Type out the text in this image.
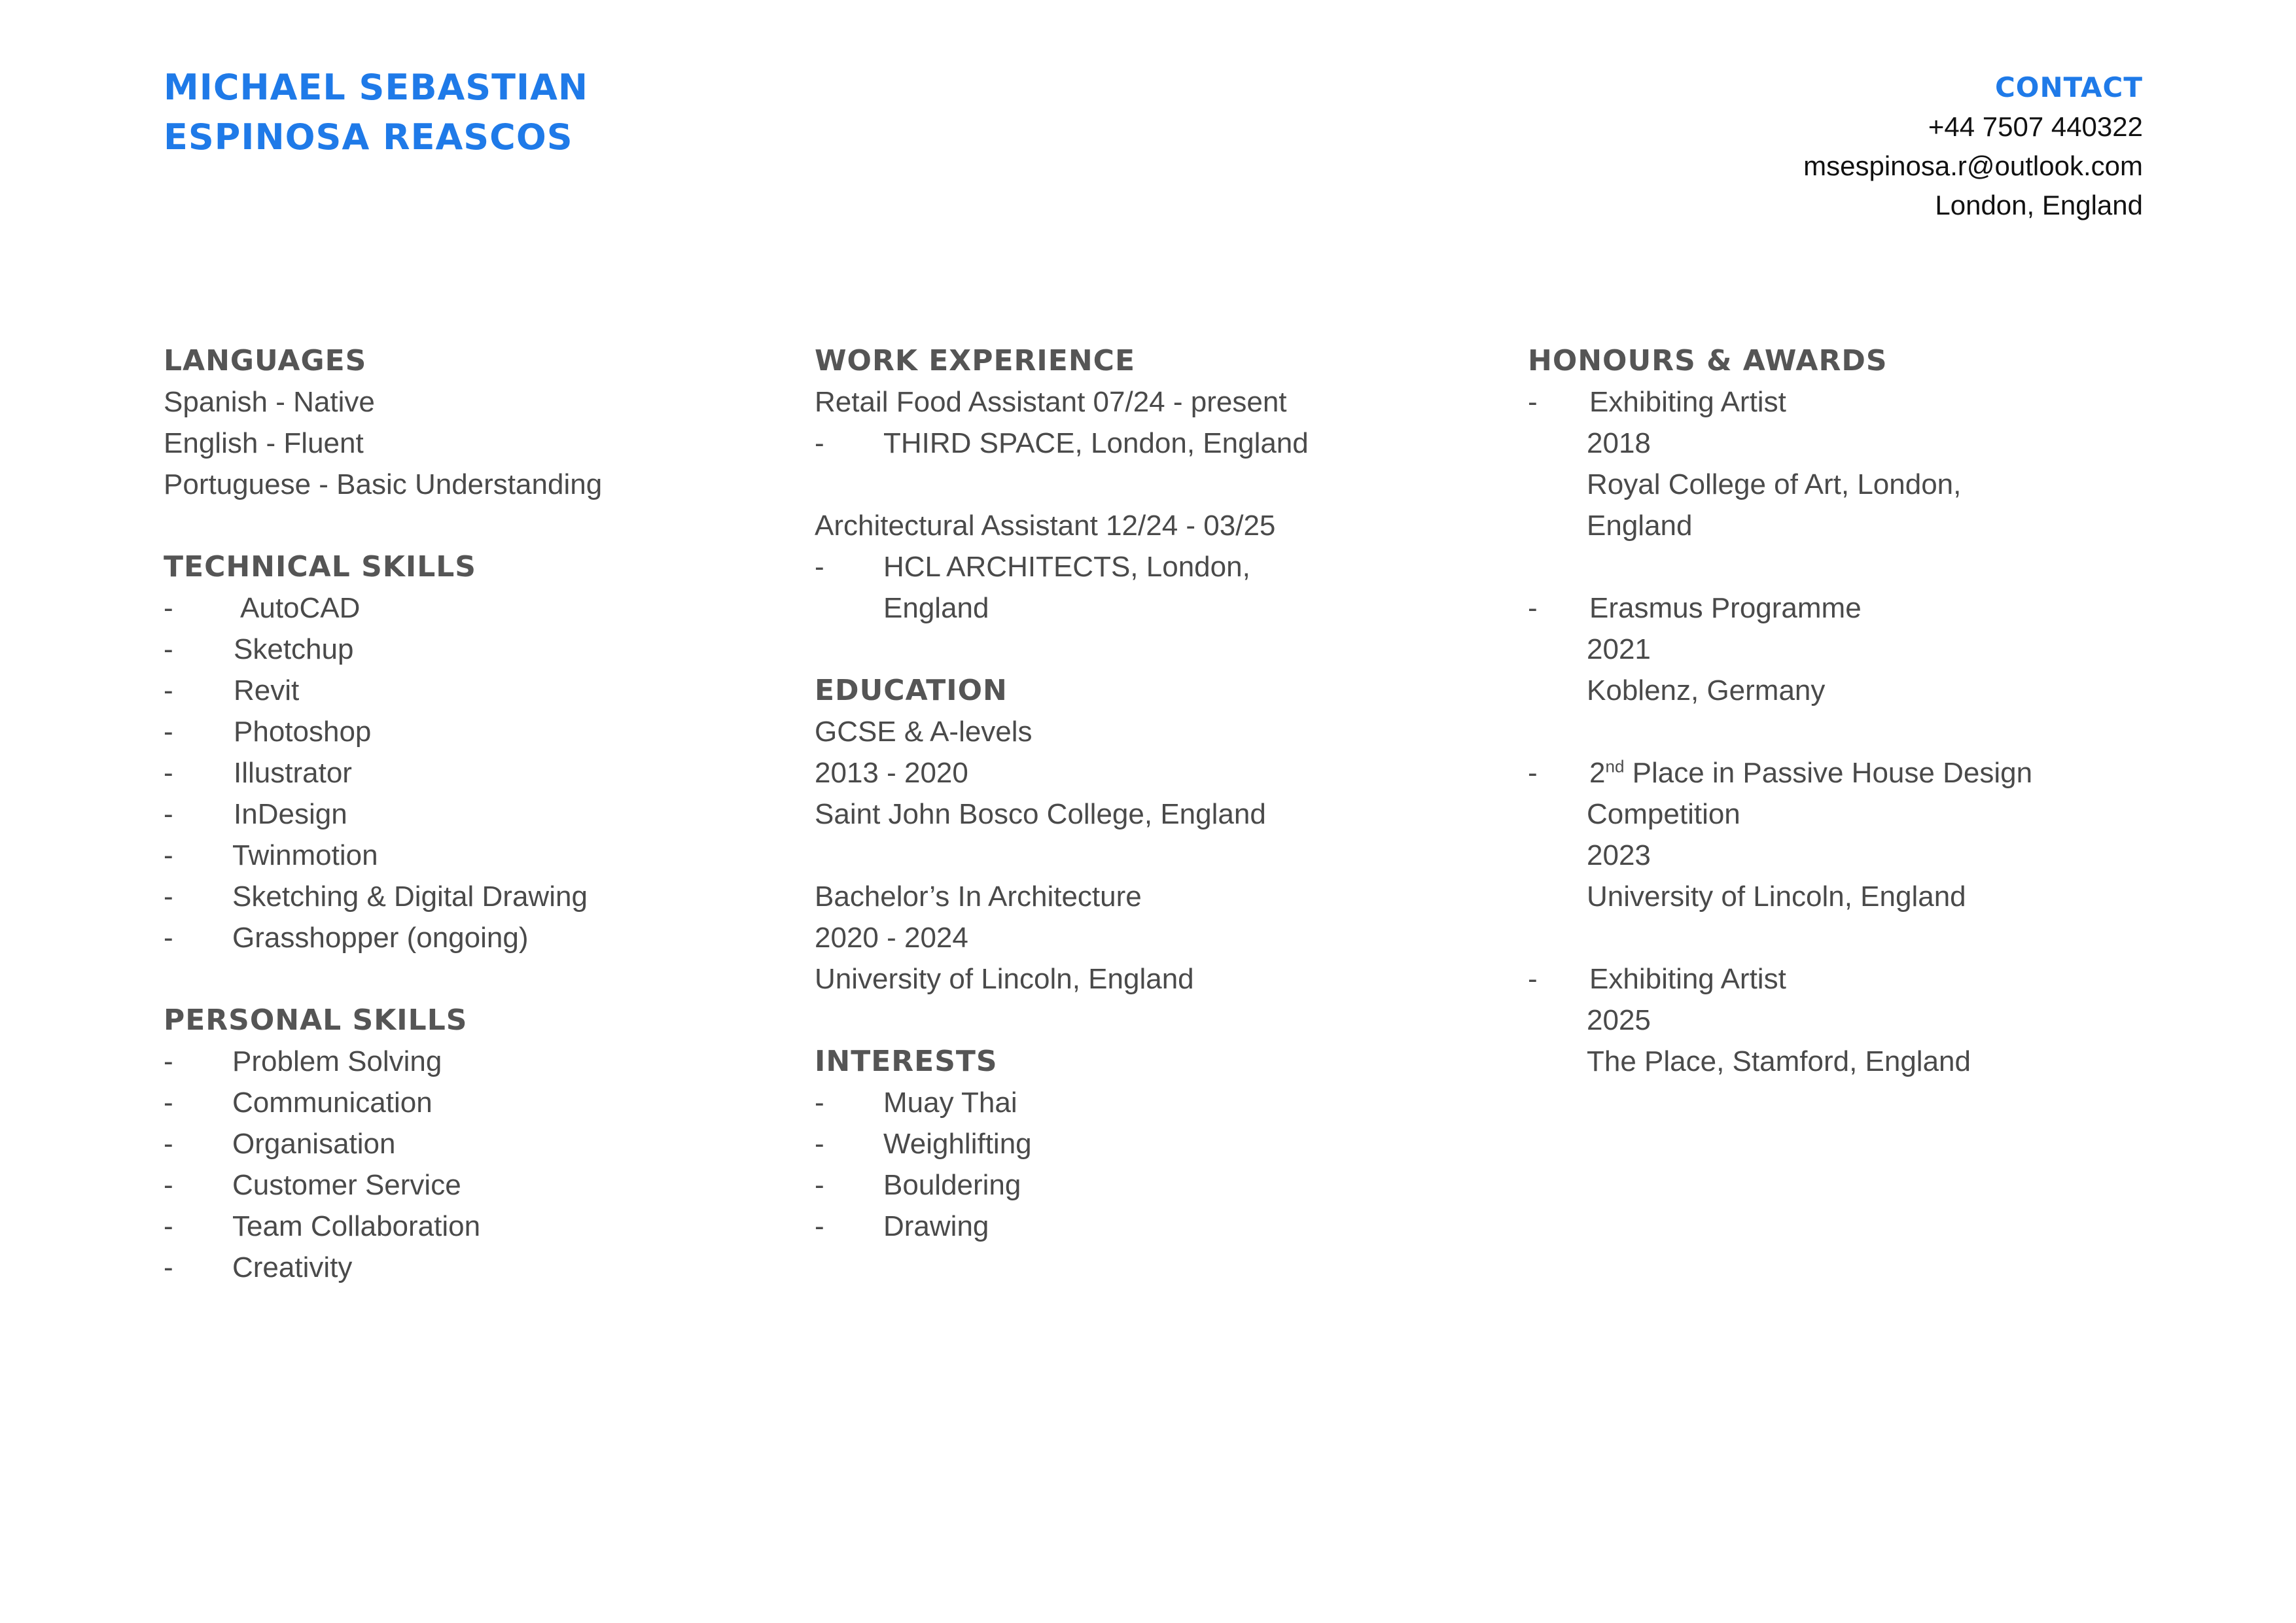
MICHAEL SEBASTIAN
ESPINOSA REASCOS
CONTACT
+44 7507 440322
msespinosa.r@outlook.com
London, England
LANGUAGES
Spanish - Native
English - Fluent
Portuguese - Basic Understanding
TECHNICAL SKILLS
-	AutoCAD
-	Sketchup
-	Revit
-	Photoshop
-	Illustrator
-	InDesign
-	Twinmotion
-	Sketching & Digital Drawing
-	Grasshopper (ongoing)
PERSONAL SKILLS
-	Problem Solving
-	Communication
-	Organisation
-	Customer Service
-	Team Collaboration
-	Creativity
WORK EXPERIENCE
Retail Food Assistant 07/24 - present
-	THIRD SPACE, London, England
Architectural Assistant 12/24 - 03/25
-	HCL ARCHITECTS, London,
England
EDUCATION
GCSE & A-levels
2013 - 2020
Saint John Bosco College, England
Bachelor’s In Architecture
2020 - 2024
University of Lincoln, England
INTERESTS
-	Muay Thai
-	Weighlifting
-	Bouldering
-	Drawing
HONOURS & AWARDS
-	Exhibiting Artist
2018
Royal College of Art, London,
England
-	Erasmus Programme
2021
Koblenz, Germany
-	2nd Place in Passive House Design
Competition
2023
University of Lincoln, England
-	Exhibiting Artist
2025
The Place, Stamford, England
